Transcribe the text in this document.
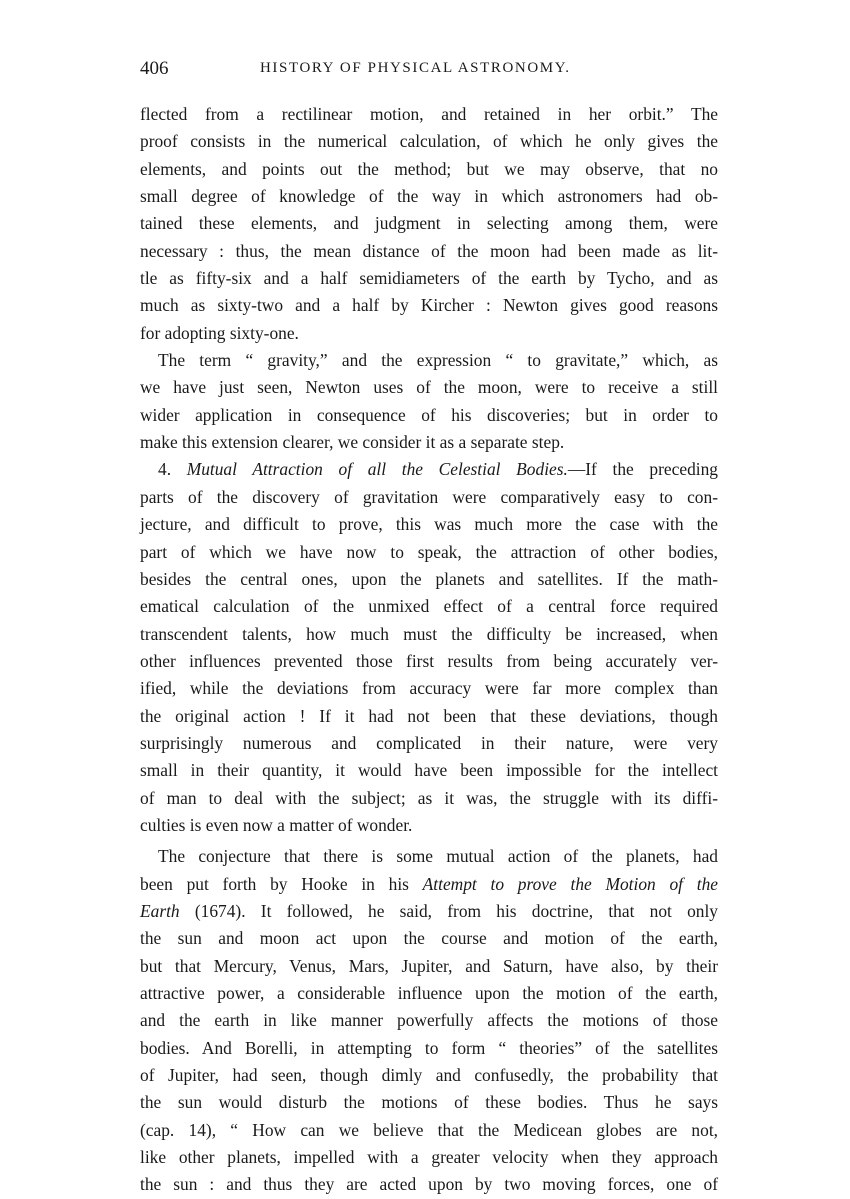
406	HISTORY OF PHYSICAL ASTRONOMY.
flected from a rectilinear motion, and retained in her orbit.” The
proof consists in the numerical calculation, of which he only gives the
elements, and points out the method; but we may observe, that no
small degree of knowledge of the way in which astronomers had ob-
tained these elements, and judgment in selecting among them, were
necessary : thus, the mean distance of the moon had been made as lit-
tle as fifty-six and a half semidiameters of the earth by Tycho, and as
much as sixty-two and a half by Kircher : Newton gives good reasons
for adopting sixty-one.
The term “ gravity,” and the expression “ to gravitate,” which, as
we have just seen, Newton uses of the moon, were to receive a still
wider application in consequence of his discoveries; but in order to
make this extension clearer, we consider it as a separate step.
4. Mutual Attraction of all the Celestial Bodies.—If the preceding
parts of the discovery of gravitation were comparatively easy to con-
jecture, and difficult to prove, this was much more the case with the
part of which we have now to speak, the attraction of other bodies,
besides the central ones, upon the planets and satellites. If the math-
ematical calculation of the unmixed effect of a central force required
transcendent talents, how much must the difficulty be increased, when
other influences prevented those first results from being accurately ver-
ified, while the deviations from accuracy were far more complex than
the original action ! If it had not been that these deviations, though
surprisingly numerous and complicated in their nature, were very
small in their quantity, it would have been impossible for the intellect
of man to deal with the subject; as it was, the struggle with its diffi-
culties is even now a matter of wonder.
The conjecture that there is some mutual action of the planets, had
been put forth by Hooke in his Attempt to prove the Motion of the
Earth (1674). It followed, he said, from his doctrine, that not only
the sun and moon act upon the course and motion of the earth,
but that Mercury, Venus, Mars, Jupiter, and Saturn, have also, by their
attractive power, a considerable influence upon the motion of the earth,
and the earth in like manner powerfully affects the motions of those
bodies. And Borelli, in attempting to form “ theories” of the satellites
of Jupiter, had seen, though dimly and confusedly, the probability that
the sun would disturb the motions of these bodies. Thus he says
(cap. 14), “ How can we believe that the Medicean globes are not,
like other planets, impelled with a greater velocity when they approach
the sun : and thus they are acted upon by two moving forces, one of
